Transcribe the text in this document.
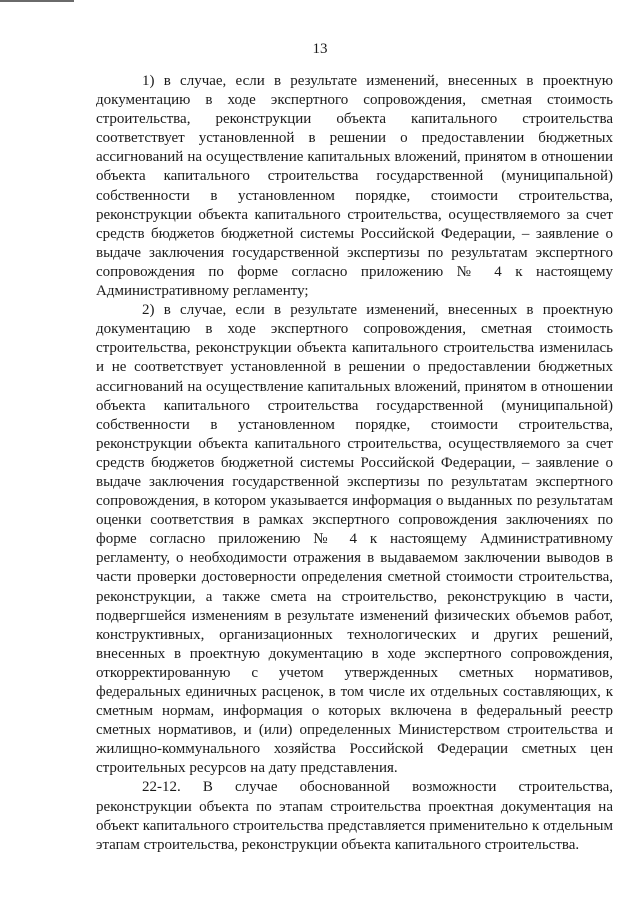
13

1) в случае, если в результате изменений, внесенных в проектную документацию в ходе экспертного сопровождения, сметная стоимость строительства, реконструкции объекта капитального строительства соответствует установленной в решении о предоставлении бюджетных ассигнований на осуществление капитальных вложений, принятом в отношении объекта капитального строительства государственной (муниципальной) собственности в установленном порядке, стоимости строительства, реконструкции объекта капитального строительства, осуществляемого за счет средств бюджетов бюджетной системы Российской Федерации, – заявление о выдаче заключения государственной экспертизы по результатам экспертного сопровождения по форме согласно приложению № 4 к настоящему Административному регламенту;

2) в случае, если в результате изменений, внесенных в проектную документацию в ходе экспертного сопровождения, сметная стоимость строительства, реконструкции объекта капитального строительства изменилась и не соответствует установленной в решении о предоставлении бюджетных ассигнований на осуществление капитальных вложений, принятом в отношении объекта капитального строительства государственной (муниципальной) собственности в установленном порядке, стоимости строительства, реконструкции объекта капитального строительства, осуществляемого за счет средств бюджетов бюджетной системы Российской Федерации, – заявление о выдаче заключения государственной экспертизы по результатам экспертного сопровождения, в котором указывается информация о выданных по результатам оценки соответствия в рамках экспертного сопровождения заключениях по форме согласно приложению № 4 к настоящему Административному регламенту, о необходимости отражения в выдаваемом заключении выводов в части проверки достоверности определения сметной стоимости строительства, реконструкции, а также смета на строительство, реконструкцию в части, подвергшейся изменениям в результате изменений физических объемов работ, конструктивных, организационных технологических и других решений, внесенных в проектную документацию в ходе экспертного сопровождения, откорректированную с учетом утвержденных сметных нормативов, федеральных единичных расценок, в том числе их отдельных составляющих, к сметным нормам, информация о которых включена в федеральный реестр сметных нормативов, и (или) определенных Министерством строительства и жилищно-коммунального хозяйства Российской Федерации сметных цен строительных ресурсов на дату представления.

22-12. В случае обоснованной возможности строительства, реконструкции объекта по этапам строительства проектная документация на объект капитального строительства представляется применительно к отдельным этапам строительства, реконструкции объекта капитального строительства.
